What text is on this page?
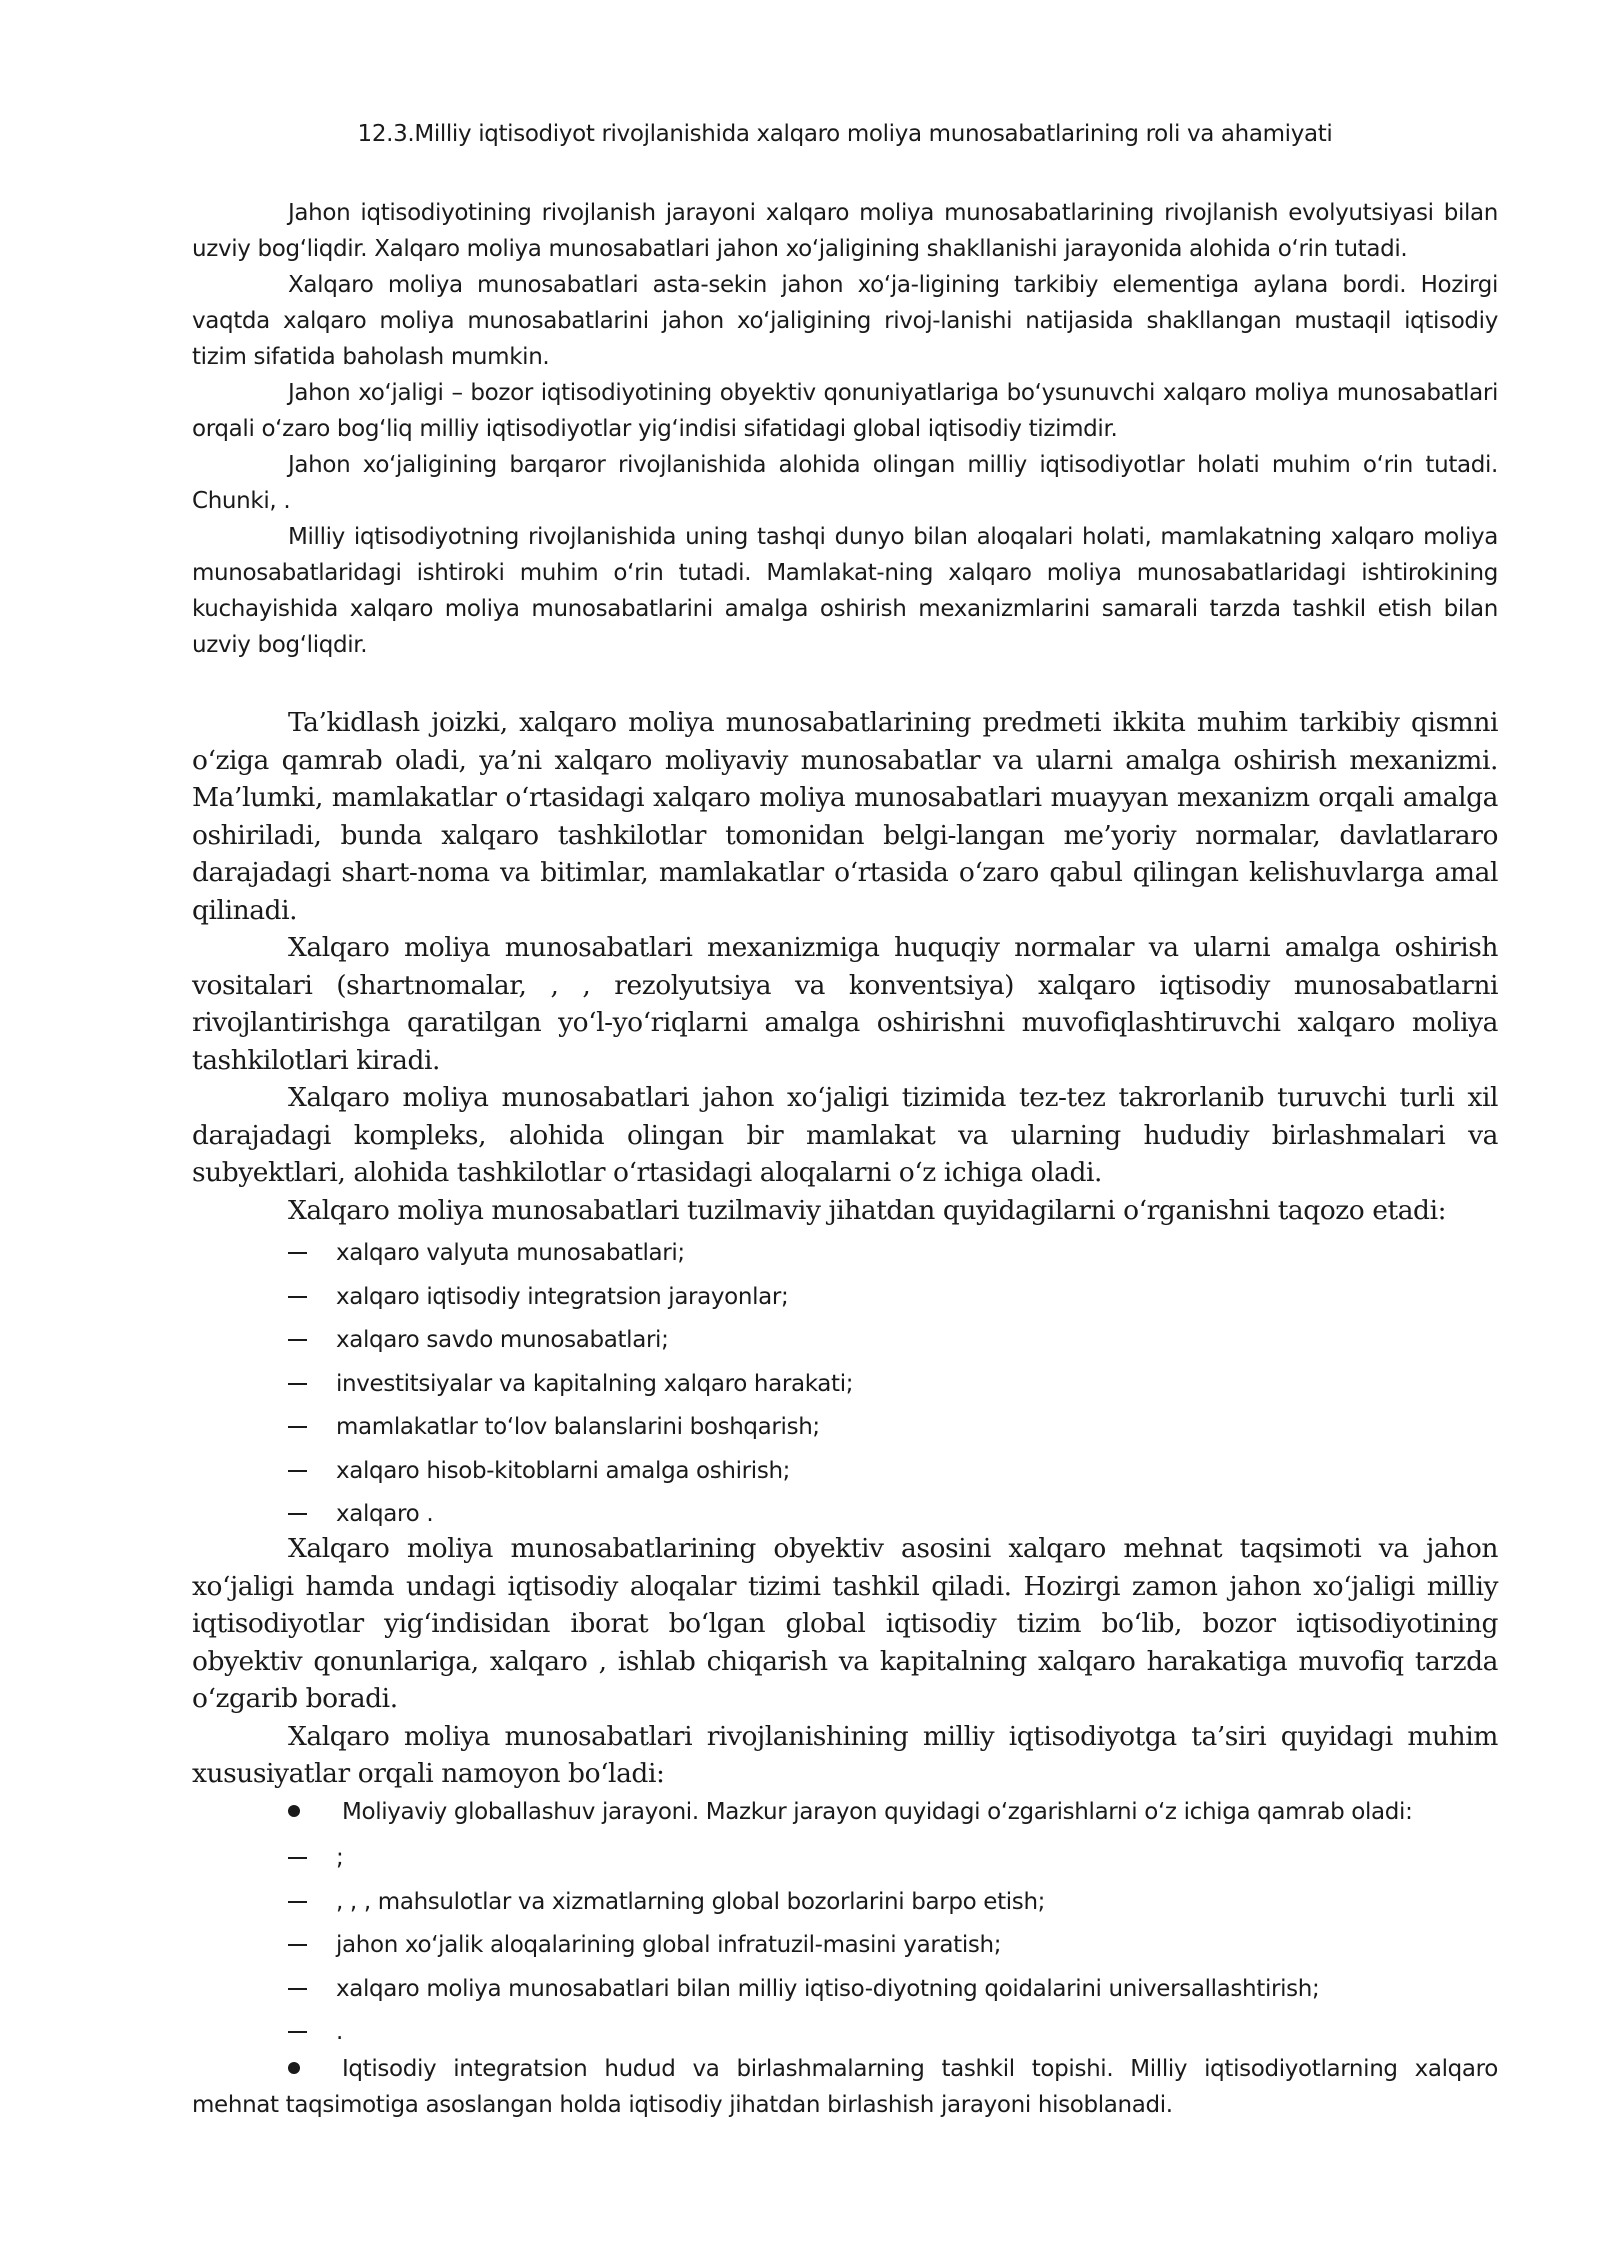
12.3.Milliy iqtisodiyot rivojlanishida xalqaro moliya munosabatlarining roli va ahamiyati

Jahon iqtisodiyotining rivojlanish jarayoni xalqaro moliya munosabatlarining rivojlanish evolyutsiyasi bilan uzviy bog‘liqdir. Xalqaro moliya munosabatlari jahon xo‘jaligining shakllanishi jarayonida alohida o‘rin tutadi.

Xalqaro moliya munosabatlari asta-sekin jahon xo‘ja-ligining tarkibiy elementiga aylana bordi. Hozirgi vaqtda xalqaro moliya munosabatlarini jahon xo‘jaligining rivoj-lanishi natijasida shakllangan mustaqil iqtisodiy tizim sifatida baholash mumkin.

Jahon xo‘jaligi – bozor iqtisodiyotining obyektiv qonuniyatlariga bo‘ysunuvchi xalqaro moliya munosabatlari orqali o‘zaro bog‘liq milliy iqtisodiyotlar yig‘indisi sifatidagi global iqtisodiy tizimdir.

Jahon xo‘jaligining barqaror rivojlanishida alohida olingan milliy iqtisodiyotlar holati muhim o‘rin tutadi. Chunki, .

Milliy iqtisodiyotning rivojlanishida uning tashqi dunyo bilan aloqalari holati, mamlakatning xalqaro moliya munosabatlaridagi ishtiroki muhim o‘rin tutadi. Mamlakat-ning xalqaro moliya munosabatlaridagi ishtirokining kuchayishida xalqaro moliya munosabatlarini amalga oshirish mexanizmlarini samarali tarzda tashkil etish bilan uzviy bog‘liqdir.

Ta’kidlash joizki, xalqaro moliya munosabatlarining predmeti ikkita muhim tarkibiy qismni o‘ziga qamrab oladi, ya’ni xalqaro moliyaviy munosabatlar va ularni amalga oshirish mexanizmi. Ma’lumki, mamlakatlar o‘rtasidagi xalqaro moliya munosabatlari muayyan mexanizm orqali amalga oshiriladi, bunda xalqaro tashkilotlar tomonidan belgi-langan me’yoriy normalar, davlatlararo darajadagi shart-noma va bitimlar, mamlakatlar o‘rtasida o‘zaro qabul qilingan kelishuvlarga amal qilinadi.

Xalqaro moliya munosabatlari mexanizmiga huquqiy normalar va ularni amalga oshirish vositalari (shartnomalar, , , rezolyutsiya va konventsiya) xalqaro iqtisodiy munosabatlarni rivojlantirishga qaratilgan yo‘l-yo‘riqlarni amalga oshirishni muvofiqlashtiruvchi xalqaro moliya tashkilotlari kiradi.

Xalqaro moliya munosabatlari jahon xo‘jaligi tizimida tez-tez takrorlanib turuvchi turli xil darajadagi kompleks, alohida olingan bir mamlakat va ularning hududiy birlashmalari va subyektlari, alohida tashkilotlar o‘rtasidagi aloqalarni o‘z ichiga oladi.

Xalqaro moliya munosabatlari tuzilmaviy jihatdan quyidagilarni o‘rganishni taqozo etadi:

xalqaro valyuta munosabatlari;
xalqaro iqtisodiy integratsion jarayonlar;
xalqaro savdo munosabatlari;
investitsiyalar va kapitalning xalqaro harakati;
mamlakatlar to‘lov balanslarini boshqarish;
xalqaro hisob-kitoblarni amalga oshirish;
xalqaro .

Xalqaro moliya munosabatlarining obyektiv asosini xalqaro mehnat taqsimoti va jahon xo‘jaligi hamda undagi iqtisodiy aloqalar tizimi tashkil qiladi. Hozirgi zamon jahon xo‘jaligi milliy iqtisodiyotlar yig‘indisidan iborat bo‘lgan global iqtisodiy tizim bo‘lib, bozor iqtisodiyotining obyektiv qonunlariga, xalqaro , ishlab chiqarish va kapitalning xalqaro harakatiga muvofiq tarzda o‘zgarib boradi.

Xalqaro moliya munosabatlari rivojlanishining milliy iqtisodiyotga ta’siri quyidagi muhim xususiyatlar orqali namoyon bo‘ladi:

Moliyaviy globallashuv jarayoni. Mazkur jarayon quyidagi o‘zgarishlarni o‘z ichiga qamrab oladi:

;
, , , mahsulotlar va xizmatlarning global bozorlarini barpo etish;
jahon xo‘jalik aloqalarining global infratuzil-masini yaratish;
xalqaro moliya munosabatlari bilan milliy iqtiso-diyotning qoidalarini universallashtirish;
.

Iqtisodiy integratsion hudud va birlashmalarning tashkil topishi. Milliy iqtisodiyotlarning xalqaro mehnat taqsimotiga asoslangan holda iqtisodiy jihatdan birlashish jarayoni hisoblanadi.
